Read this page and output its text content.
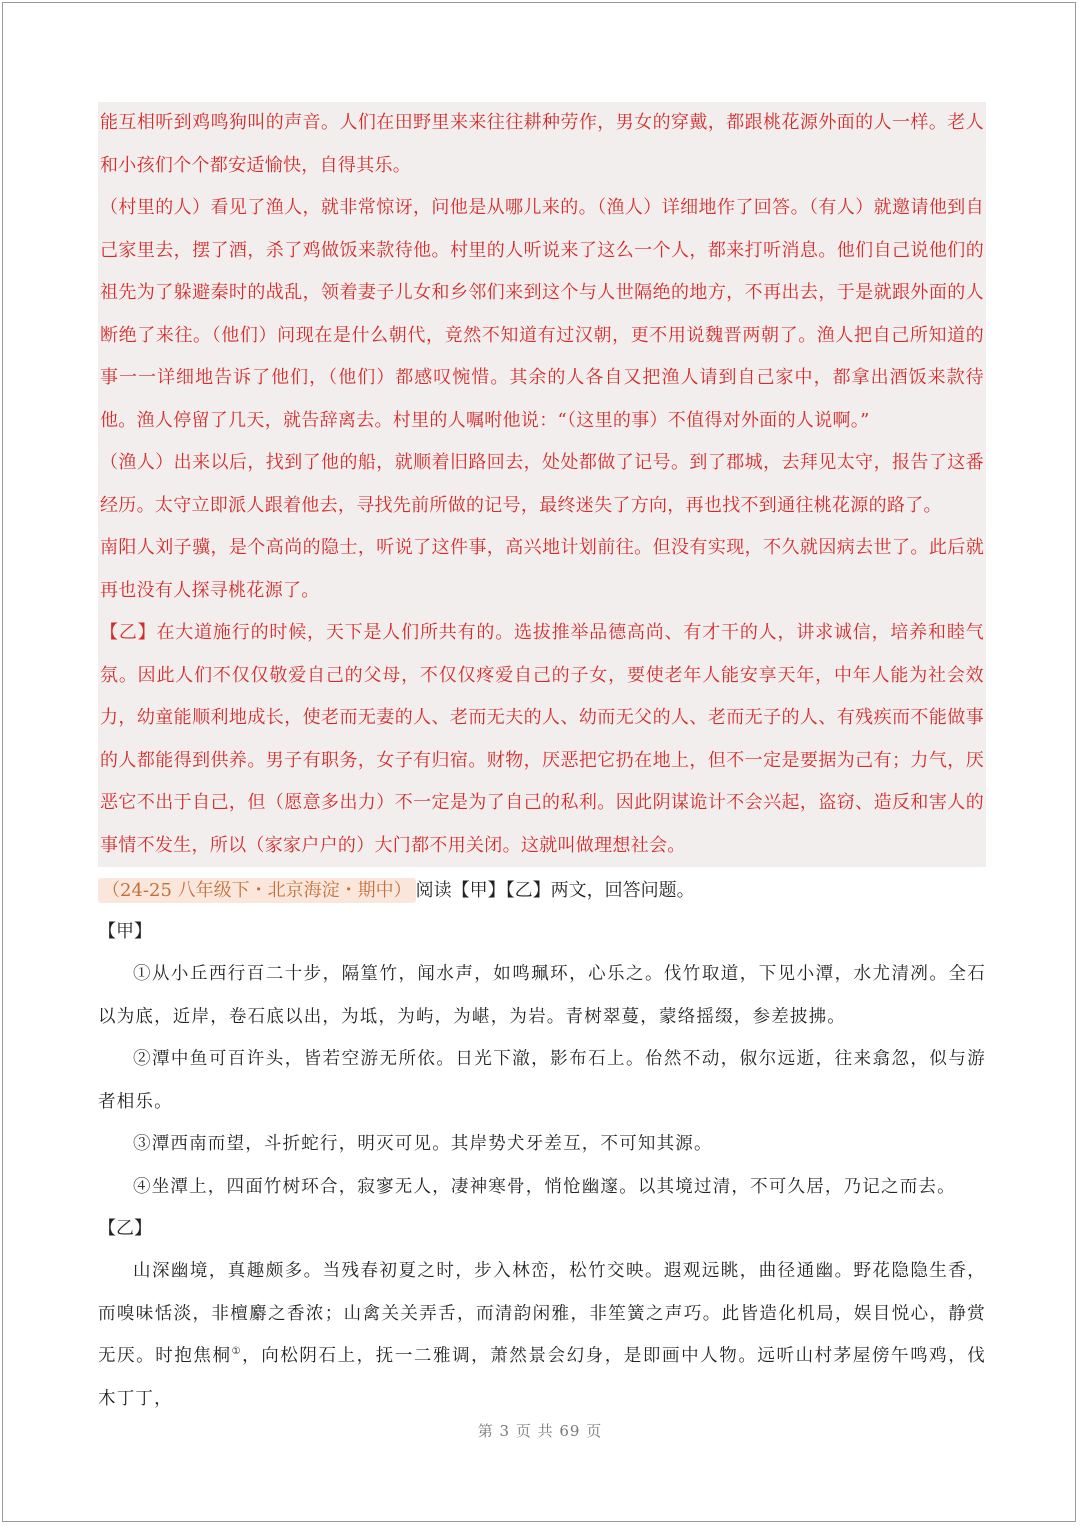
能互相听到鸡鸣狗叫的声音。人们在田野里来来往往耕种劳作，男女的穿戴，都跟桃花源外面的人一样。老人和小孩们个个都安适愉快，自得其乐。

（村里的人）看见了渔人，就非常惊讶，问他是从哪儿来的。（渔人）详细地作了回答。（有人）就邀请他到自己家里去，摆了酒，杀了鸡做饭来款待他。村里的人听说来了这么一个人，都来打听消息。他们自己说他们的祖先为了躲避秦时的战乱，领着妻子儿女和乡邻们来到这个与人世隔绝的地方，不再出去，于是就跟外面的人断绝了来往。（他们）问现在是什么朝代，竟然不知道有过汉朝，更不用说魏晋两朝了。渔人把自己所知道的事一一详细地告诉了他们，（他们）都感叹惋惜。其余的人各自又把渔人请到自己家中，都拿出酒饭来款待他。渔人停留了几天，就告辞离去。村里的人嘱咐他说：“（这里的事）不值得对外面的人说啊。”

（渔人）出来以后，找到了他的船，就顺着旧路回去，处处都做了记号。到了郡城，去拜见太守，报告了这番经历。太守立即派人跟着他去，寻找先前所做的记号，最终迷失了方向，再也找不到通往桃花源的路了。

南阳人刘子骥，是个高尚的隐士，听说了这件事，高兴地计划前往。但没有实现，不久就因病去世了。此后就再也没有人探寻桃花源了。

【乙】在大道施行的时候，天下是人们所共有的。选拔推举品德高尚、有才干的人，讲求诚信，培养和睦气氛。因此人们不仅仅敬爱自己的父母，不仅仅疼爱自己的子女，要使老年人能安享天年，中年人能为社会效力，幼童能顺利地成长，使老而无妻的人、老而无夫的人、幼而无父的人、老而无子的人、有残疾而不能做事的人都能得到供养。男子有职务，女子有归宿。财物，厌恶把它扔在地上，但不一定是要据为己有；力气，厌恶它不出于自己，但（愿意多出力）不一定是为了自己的私利。因此阴谋诡计不会兴起，盗窃、造反和害人的事情不发生，所以（家家户户的）大门都不用关闭。这就叫做理想社会。

（24-25 八年级下・北京海淀・期中） 阅读【甲】【乙】两文，回答问题。
【甲】

①从小丘西行百二十步，隔篁竹，闻水声，如鸣珮环，心乐之。伐竹取道，下见小潭，水尤清冽。全石以为底，近岸，卷石底以出，为坻，为屿，为嵁，为岩。青树翠蔓，蒙络摇缀，参差披拂。

②潭中鱼可百许头，皆若空游无所依。日光下澈，影布石上。佁然不动，俶尔远逝，往来翕忽，似与游者相乐。

③潭西南而望，斗折蛇行，明灭可见。其岸势犬牙差互，不可知其源。

④坐潭上，四面竹树环合，寂寥无人，凄神寒骨，悄怆幽邃。以其境过清，不可久居，乃记之而去。

【乙】

山深幽境，真趣颇多。当残春初夏之时，步入林峦，松竹交映。遐观远眺，曲径通幽。野花隐隐生香，而嗅味恬淡，非檀麝之香浓；山禽关关弄舌，而清韵闲雅，非笙簧之声巧。此皆造化机局，娱目悦心，静赏无厌。时抱焦桐①，向松阴石上，抚一二雅调，萧然景会幻身，是即画中人物。远听山村茅屋傍午鸣鸡，伐木丁丁，

第 3 页 共 69 页
